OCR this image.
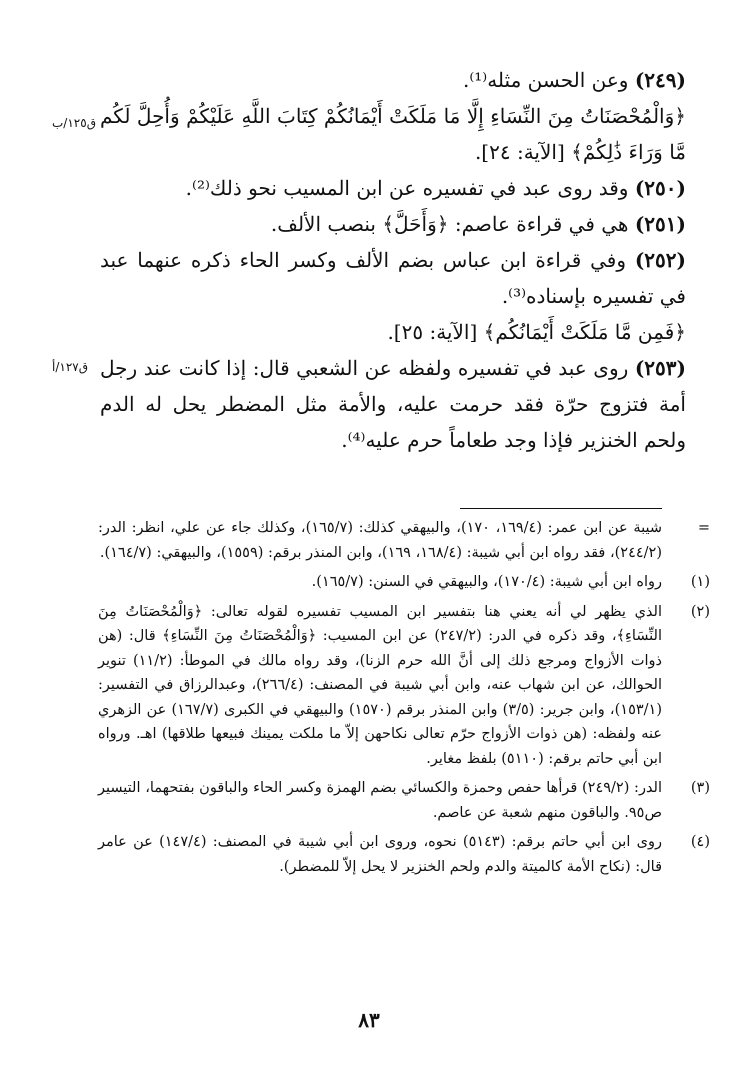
(٢٤٩) وعن الحسن مثله⁽¹⁾.

﴿وَالْمُحْصَنَاتُ مِنَ النِّسَاءِ إِلَّا مَا مَلَكَتْ أَيْمَانُكُمْ كِتَابَ اللَّهِ عَلَيْكُمْ وَأُحِلَّ لَكُم مَّا وَرَاءَ ذَٰلِكُمْ﴾ [الآية: ٢٤].

(٢٥٠) وقد روى عبد في تفسيره عن ابن المسيب نحو ذلك⁽²⁾.

(٢٥١) هي في قراءة عاصم: ﴿وَأَحَلَّ﴾ بنصب الألف.

(٢٥٢) وفي قراءة ابن عباس بضم الألف وكسر الحاء ذكره عنهما عبد في تفسيره بإسناده⁽³⁾.

﴿فَمِن مَّا مَلَكَتْ أَيْمَانُكُم﴾ [الآية: ٢٥].

(٢٥٣) روى عبد في تفسيره ولفظه عن الشعبي قال: إذا كانت عند رجل أمة فتزوج حرّة فقد حرمت عليه، والأمة مثل المضطر يحل له الدم ولحم الخنزير فإذا وجد طعاماً حرم عليه⁽⁴⁾.

ق١٢٥/ب
ق١٢٧/أ
=
شيبة عن ابن عمر: (١٦٩/٤، ١٧٠)، والبيهقي كذلك: (١٦٥/٧)، وكذلك جاء عن علي، انظر: الدر: (٢٤٤/٢)، فقد رواه ابن أبي شيبة: (١٦٨/٤، ١٦٩)، وابن المنذر برقم: (١٥٥٩)، والبيهقي: (١٦٤/٧).
(١)
رواه ابن أبي شيبة: (١٧٠/٤)، والبيهقي في السنن: (١٦٥/٧).
(٢)
الذي يظهر لي أنه يعني هنا بتفسير ابن المسيب تفسيره لقوله تعالى: ﴿وَالْمُحْصَنَاتُ مِنَ النِّسَاءِ﴾، وقد ذكره في الدر: (٢٤٧/٢) عن ابن المسيب: ﴿وَالْمُحْصَنَاتُ مِنَ النِّسَاءِ﴾ قال: (هن ذوات الأزواج ومرجع ذلك إلى أنَّ الله حرم الزنا)، وقد رواه مالك في الموطأ: (١١/٢) تنوير الحوالك، عن ابن شهاب عنه، وابن أبي شيبة في المصنف: (٢٦٦/٤)، وعبدالرزاق في التفسير: (١٥٣/١)، وابن جرير: (٣/٥) وابن المنذر برقم (١٥٧٠) والبيهقي في الكبرى (١٦٧/٧) عن الزهري عنه ولفظه: (هن ذوات الأزواج حرّم تعالى نكاحهن إلاّ ما ملكت يمينك فبيعها طلاقها) اهـ. ورواه ابن أبي حاتم برقم: (٥١١٠) بلفظ مغاير.
(٣)
الدر: (٢٤٩/٢) قرأها حفص وحمزة والكسائي بضم الهمزة وكسر الحاء والباقون بفتحهما، التيسير ص٩٥. والباقون منهم شعبة عن عاصم.
(٤)
روى ابن أبي حاتم برقم: (٥١٤٣) نحوه، وروى ابن أبي شيبة في المصنف: (١٤٧/٤) عن عامر قال: (نكاح الأمة كالميتة والدم ولحم الخنزير لا يحل إلاّ للمضطر).
٨٣
